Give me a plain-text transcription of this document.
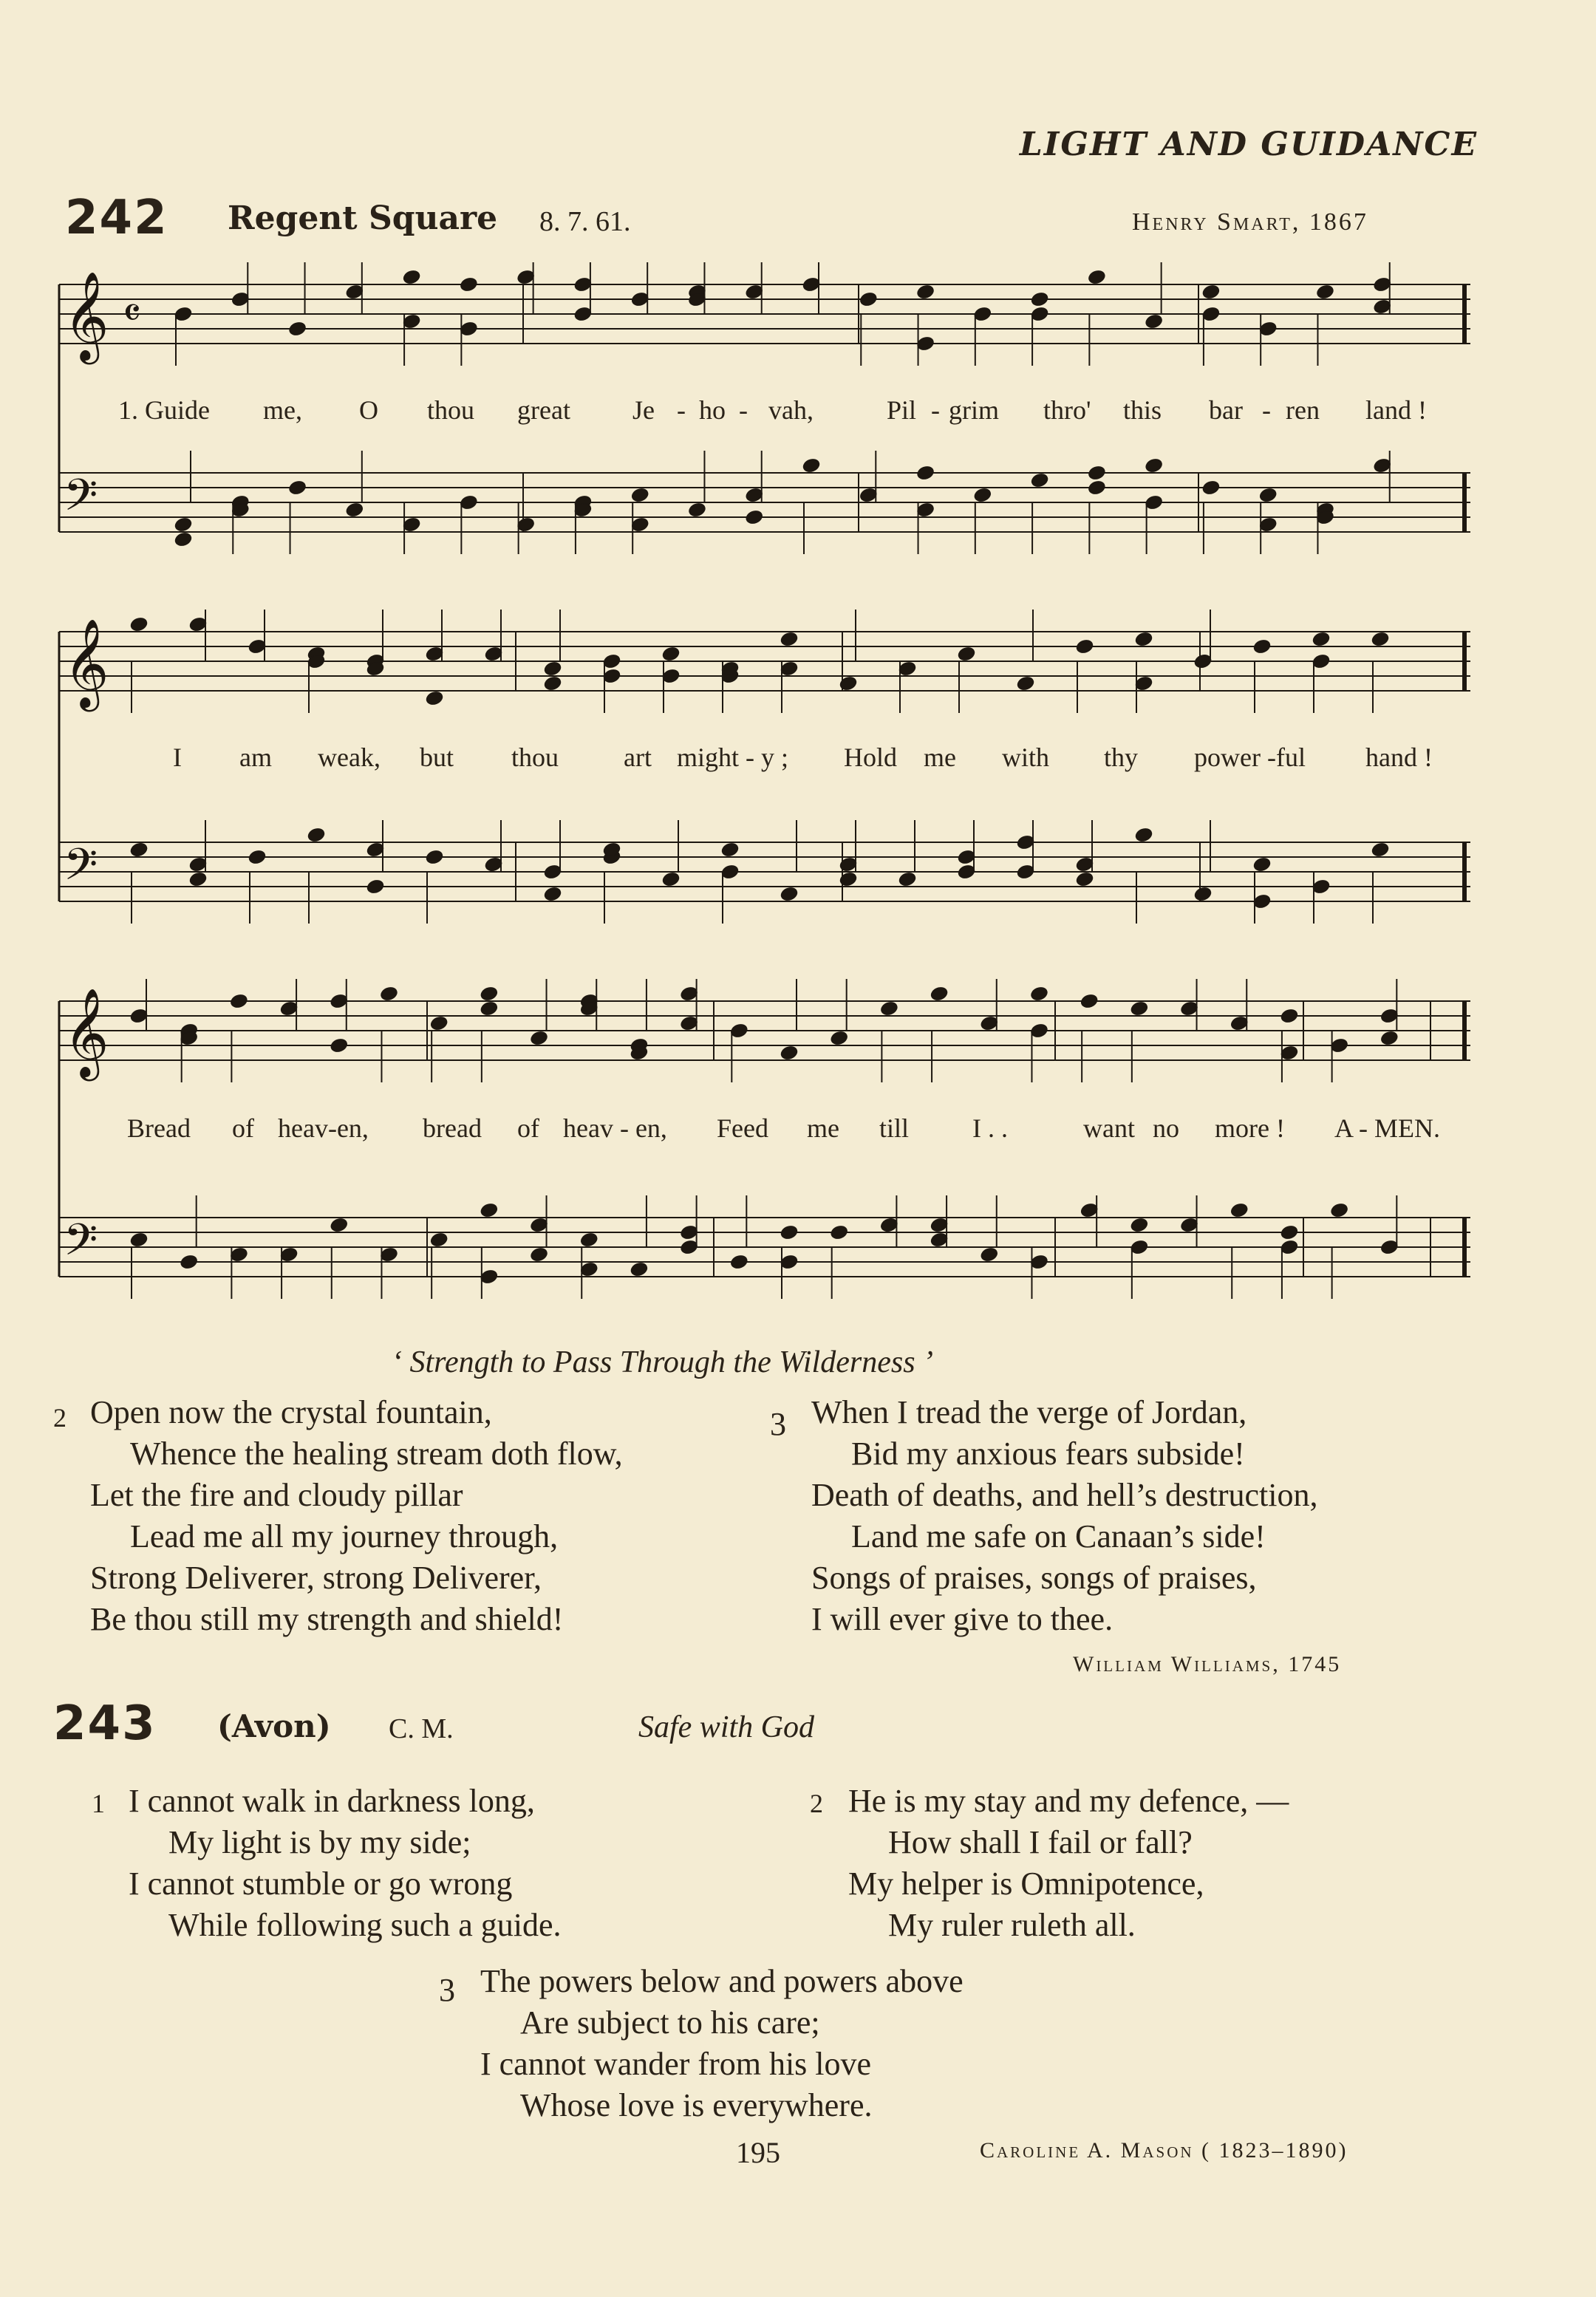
LIGHT AND GUIDANCE
242 Regent Square 8. 7. 61.	Henry Smart, 1867
𝄞
𝄢
𝄴
𝄞
𝄢
𝄞
𝄢
1. Guide me, O thou great Je - ho - vah,	Pil - grim thro' this bar - ren land !
I am weak, but thou art might - y ; Hold me with thy power -ful hand !
Bread of heav-en, bread of heav - en, Feed me till I . .	want no more ! A - MEN.
‘ Strength to Pass Through the Wilderness ’
2 Open now the crystal fountain,
Whence the healing stream doth flow,
Let the fire and cloudy pillar
Lead me all my journey through,
Strong Deliverer, strong Deliverer,
Be thou still my strength and shield!
3 When I tread the verge of Jordan,
Bid my anxious fears subside!
Death of deaths, and hell’s destruction,
Land me safe on Canaan’s side!
Songs of praises, songs of praises,
I will ever give to thee.
William Williams, 1745
243 (Avon) C. M.	Safe with God
1 I cannot walk in darkness long,
My light is by my side;
I cannot stumble or go wrong
While following such a guide.
2 He is my stay and my defence, —
How shall I fail or fall?
My helper is Omnipotence,
My ruler ruleth all.
3 The powers below and powers above
Are subject to his care;
I cannot wander from his love
Whose love is everywhere.
195	Caroline A. Mason ( 1823–1890)
